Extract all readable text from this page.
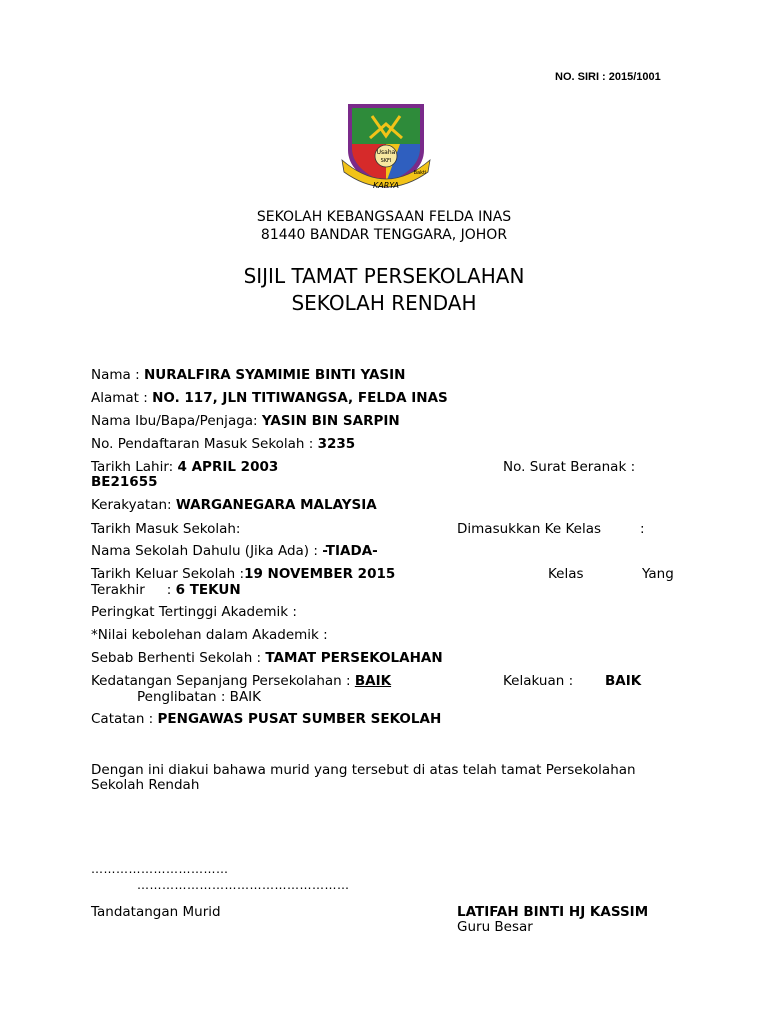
NO. SIRI : 2015/1001
Usaha
SKFI
KARYA
Bakti
SEKOLAH KEBANGSAAN FELDA INAS
81440 BANDAR TENGGARA, JOHOR
SIJIL TAMAT PERSEKOLAHAN
SEKOLAH RENDAH
Nama : NURALFIRA SYAMIMIE BINTI YASIN
Alamat : NO. 117, JLN TITIWANGSA, FELDA INAS
Nama Ibu/Bapa/Penjaga: YASIN BIN SARPIN
No. Pendaftaran Masuk Sekolah : 3235
Tarikh Lahir: 4 APRIL 2003	No. Surat Beranak :
BE21655
Kerakyatan: WARGANEGARA MALAYSIA
Tarikh Masuk Sekolah:	Dimasukkan Ke Kelas	:
Nama Sekolah Dahulu (Jika Ada) : -TIADA-
Tarikh Keluar Sekolah :19 NOVEMBER 2015	Kelas	Yang
Terakhir : 6 TEKUN
Peringkat Tertinggi Akademik :
*Nilai kebolehan dalam Akademik :
Sebab Berhenti Sekolah : TAMAT PERSEKOLAHAN
Kedatangan Sepanjang Persekolahan : BAIK	Kelakuan : BAIK
Penglibatan : BAIK
Catatan : PENGAWAS PUSAT SUMBER SEKOLAH
Dengan ini diakui bahawa murid yang tersebut di atas telah tamat Persekolahan
Sekolah Rendah
……………………………
……………………………………………
Tandatangan Murid	LATIFAH BINTI HJ KASSIM
Guru Besar
